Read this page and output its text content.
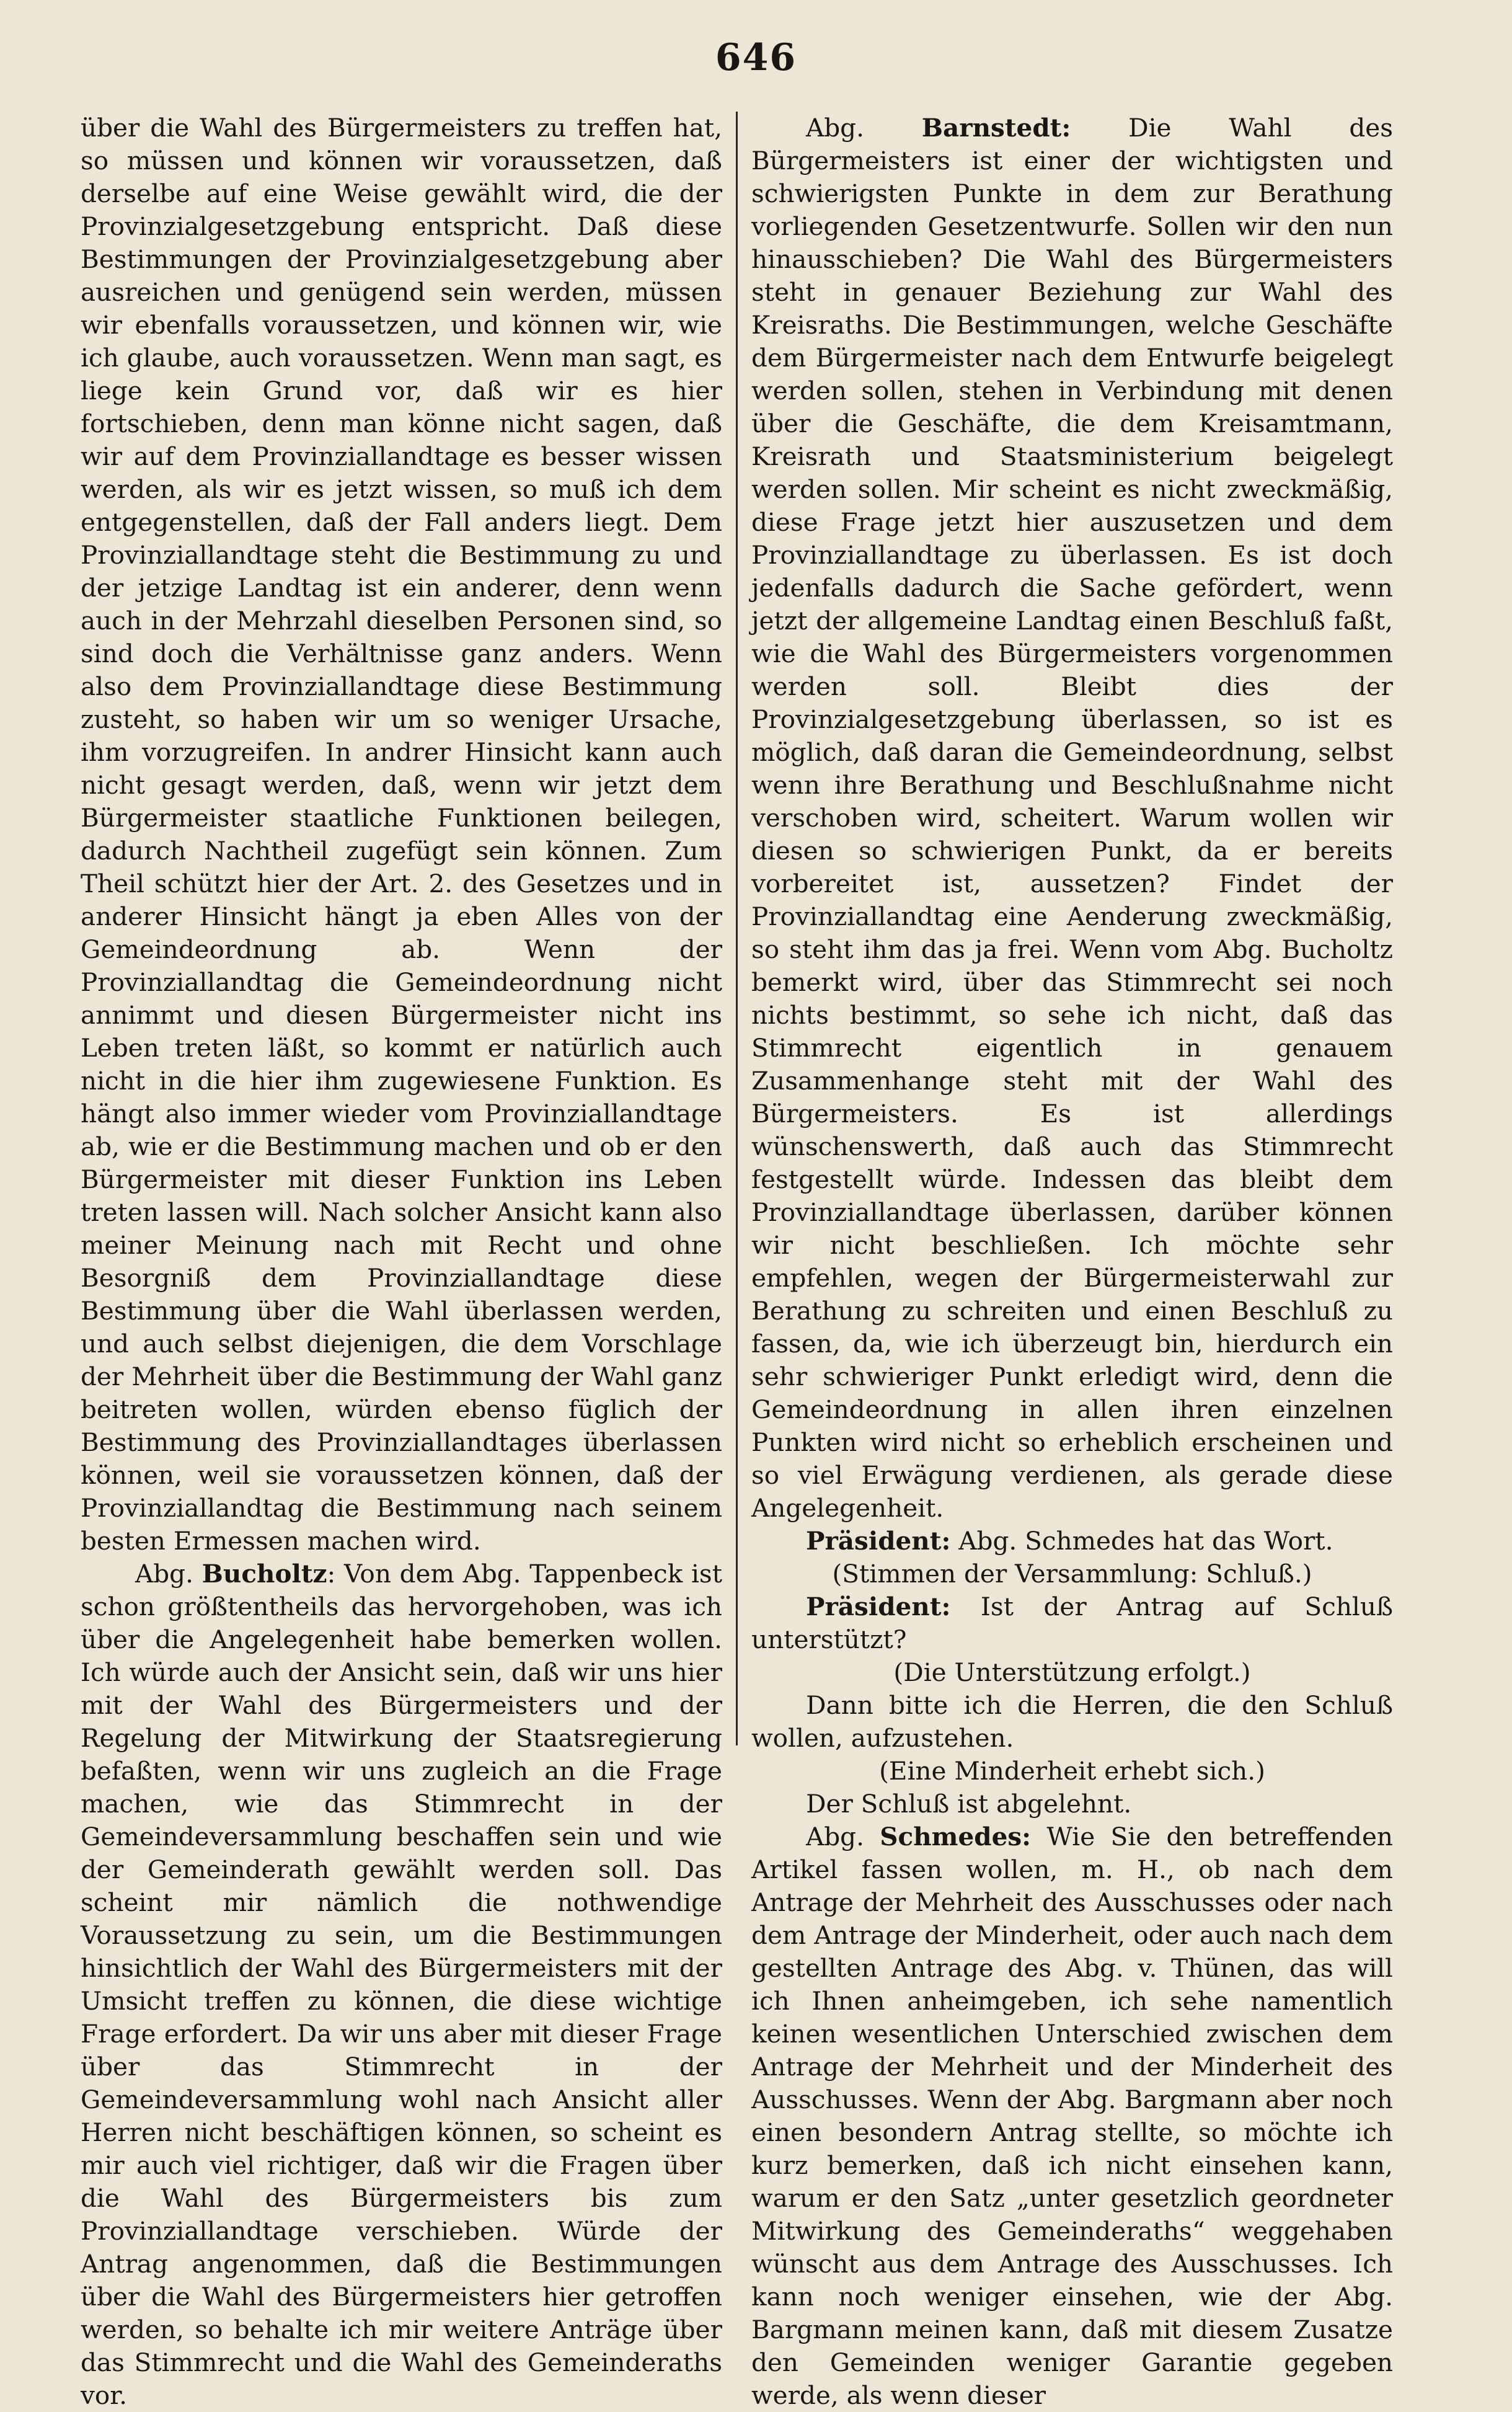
646

über die Wahl des Bürgermeisters zu treffen hat, so müssen und können wir voraussetzen, daß derselbe auf eine Weise gewählt wird, die der Provinzialgesetzgebung entspricht. Daß diese Bestimmungen der Provinzialgesetzgebung aber ausreichen und genügend sein werden, müssen wir ebenfalls voraussetzen, und können wir, wie ich glaube, auch voraussetzen. Wenn man sagt, es liege kein Grund vor, daß wir es hier fortschieben, denn man könne nicht sagen, daß wir auf dem Provinziallandtage es besser wissen werden, als wir es jetzt wissen, so muß ich dem entgegenstellen, daß der Fall anders liegt. Dem Provinziallandtage steht die Bestimmung zu und der jetzige Landtag ist ein anderer, denn wenn auch in der Mehrzahl dieselben Personen sind, so sind doch die Verhältnisse ganz anders. Wenn also dem Provinziallandtage diese Bestimmung zusteht, so haben wir um so weniger Ursache, ihm vorzugreifen. In andrer Hinsicht kann auch nicht gesagt werden, daß, wenn wir jetzt dem Bürgermeister staatliche Funktionen beilegen, dadurch Nachtheil zugefügt sein können. Zum Theil schützt hier der Art. 2. des Gesetzes und in anderer Hinsicht hängt ja eben Alles von der Gemeindeordnung ab. Wenn der Provinziallandtag die Gemeindeordnung nicht annimmt und diesen Bürgermeister nicht ins Leben treten läßt, so kommt er natürlich auch nicht in die hier ihm zugewiesene Funktion. Es hängt also immer wieder vom Provinziallandtage ab, wie er die Bestimmung machen und ob er den Bürgermeister mit dieser Funktion ins Leben treten lassen will. Nach solcher Ansicht kann also meiner Meinung nach mit Recht und ohne Besorgniß dem Provinziallandtage diese Bestimmung über die Wahl überlassen werden, und auch selbst diejenigen, die dem Vorschlage der Mehrheit über die Bestimmung der Wahl ganz beitreten wollen, würden ebenso füglich der Bestimmung des Provinziallandtages überlassen können, weil sie voraussetzen können, daß der Provinziallandtag die Bestimmung nach seinem besten Ermessen machen wird.

Abg. Bucholtz: Von dem Abg. Tappenbeck ist schon größtentheils das hervorgehoben, was ich über die Angelegenheit habe bemerken wollen. Ich würde auch der Ansicht sein, daß wir uns hier mit der Wahl des Bürgermeisters und der Regelung der Mitwirkung der Staatsregierung befaßten, wenn wir uns zugleich an die Frage machen, wie das Stimmrecht in der Gemeindeversammlung beschaffen sein und wie der Gemeinderath gewählt werden soll. Das scheint mir nämlich die nothwendige Voraussetzung zu sein, um die Bestimmungen hinsichtlich der Wahl des Bürgermeisters mit der Umsicht treffen zu können, die diese wichtige Frage erfordert. Da wir uns aber mit dieser Frage über das Stimmrecht in der Gemeindeversammlung wohl nach Ansicht aller Herren nicht beschäftigen können, so scheint es mir auch viel richtiger, daß wir die Fragen über die Wahl des Bürgermeisters bis zum Provinziallandtage verschieben. Würde der Antrag angenommen, daß die Bestimmungen über die Wahl des Bürgermeisters hier getroffen werden, so behalte ich mir weitere Anträge über das Stimmrecht und die Wahl des Gemeinderaths vor.

Abg. Barnstedt: Die Wahl des Bürgermeisters ist einer der wichtigsten und schwierigsten Punkte in dem zur Berathung vorliegenden Gesetzentwurfe. Sollen wir den nun hinausschieben? Die Wahl des Bürgermeisters steht in genauer Beziehung zur Wahl des Kreisraths. Die Bestimmungen, welche Geschäfte dem Bürgermeister nach dem Entwurfe beigelegt werden sollen, stehen in Verbindung mit denen über die Geschäfte, die dem Kreisamtmann, Kreisrath und Staatsministerium beigelegt werden sollen. Mir scheint es nicht zweckmäßig, diese Frage jetzt hier auszusetzen und dem Provinziallandtage zu überlassen. Es ist doch jedenfalls dadurch die Sache gefördert, wenn jetzt der allgemeine Landtag einen Beschluß faßt, wie die Wahl des Bürgermeisters vorgenommen werden soll. Bleibt dies der Provinzialgesetzgebung überlassen, so ist es möglich, daß daran die Gemeindeordnung, selbst wenn ihre Berathung und Beschlußnahme nicht verschoben wird, scheitert. Warum wollen wir diesen so schwierigen Punkt, da er bereits vorbereitet ist, aussetzen? Findet der Provinziallandtag eine Aenderung zweckmäßig, so steht ihm das ja frei. Wenn vom Abg. Bucholtz bemerkt wird, über das Stimmrecht sei noch nichts bestimmt, so sehe ich nicht, daß das Stimmrecht eigentlich in genauem Zusammenhange steht mit der Wahl des Bürgermeisters. Es ist allerdings wünschenswerth, daß auch das Stimmrecht festgestellt würde. Indessen das bleibt dem Provinziallandtage überlassen, darüber können wir nicht beschließen. Ich möchte sehr empfehlen, wegen der Bürgermeisterwahl zur Berathung zu schreiten und einen Beschluß zu fassen, da, wie ich überzeugt bin, hierdurch ein sehr schwieriger Punkt erledigt wird, denn die Gemeindeordnung in allen ihren einzelnen Punkten wird nicht so erheblich erscheinen und so viel Erwägung verdienen, als gerade diese Angelegenheit.

Präsident: Abg. Schmedes hat das Wort.

(Stimmen der Versammlung: Schluß.)

Präsident: Ist der Antrag auf Schluß unterstützt?

(Die Unterstützung erfolgt.)

Dann bitte ich die Herren, die den Schluß wollen, aufzustehen.

(Eine Minderheit erhebt sich.)

Der Schluß ist abgelehnt.

Abg. Schmedes: Wie Sie den betreffenden Artikel fassen wollen, m. H., ob nach dem Antrage der Mehrheit des Ausschusses oder nach dem Antrage der Minderheit, oder auch nach dem gestellten Antrage des Abg. v. Thünen, das will ich Ihnen anheimgeben, ich sehe namentlich keinen wesentlichen Unterschied zwischen dem Antrage der Mehrheit und der Minderheit des Ausschusses. Wenn der Abg. Bargmann aber noch einen besondern Antrag stellte, so möchte ich kurz bemerken, daß ich nicht einsehen kann, warum er den Satz „unter gesetzlich geordneter Mitwirkung des Gemeinderaths“ weggehaben wünscht aus dem Antrage des Ausschusses. Ich kann noch weniger einsehen, wie der Abg. Bargmann meinen kann, daß mit diesem Zusatze den Gemeinden weniger Garantie gegeben werde, als wenn dieser
